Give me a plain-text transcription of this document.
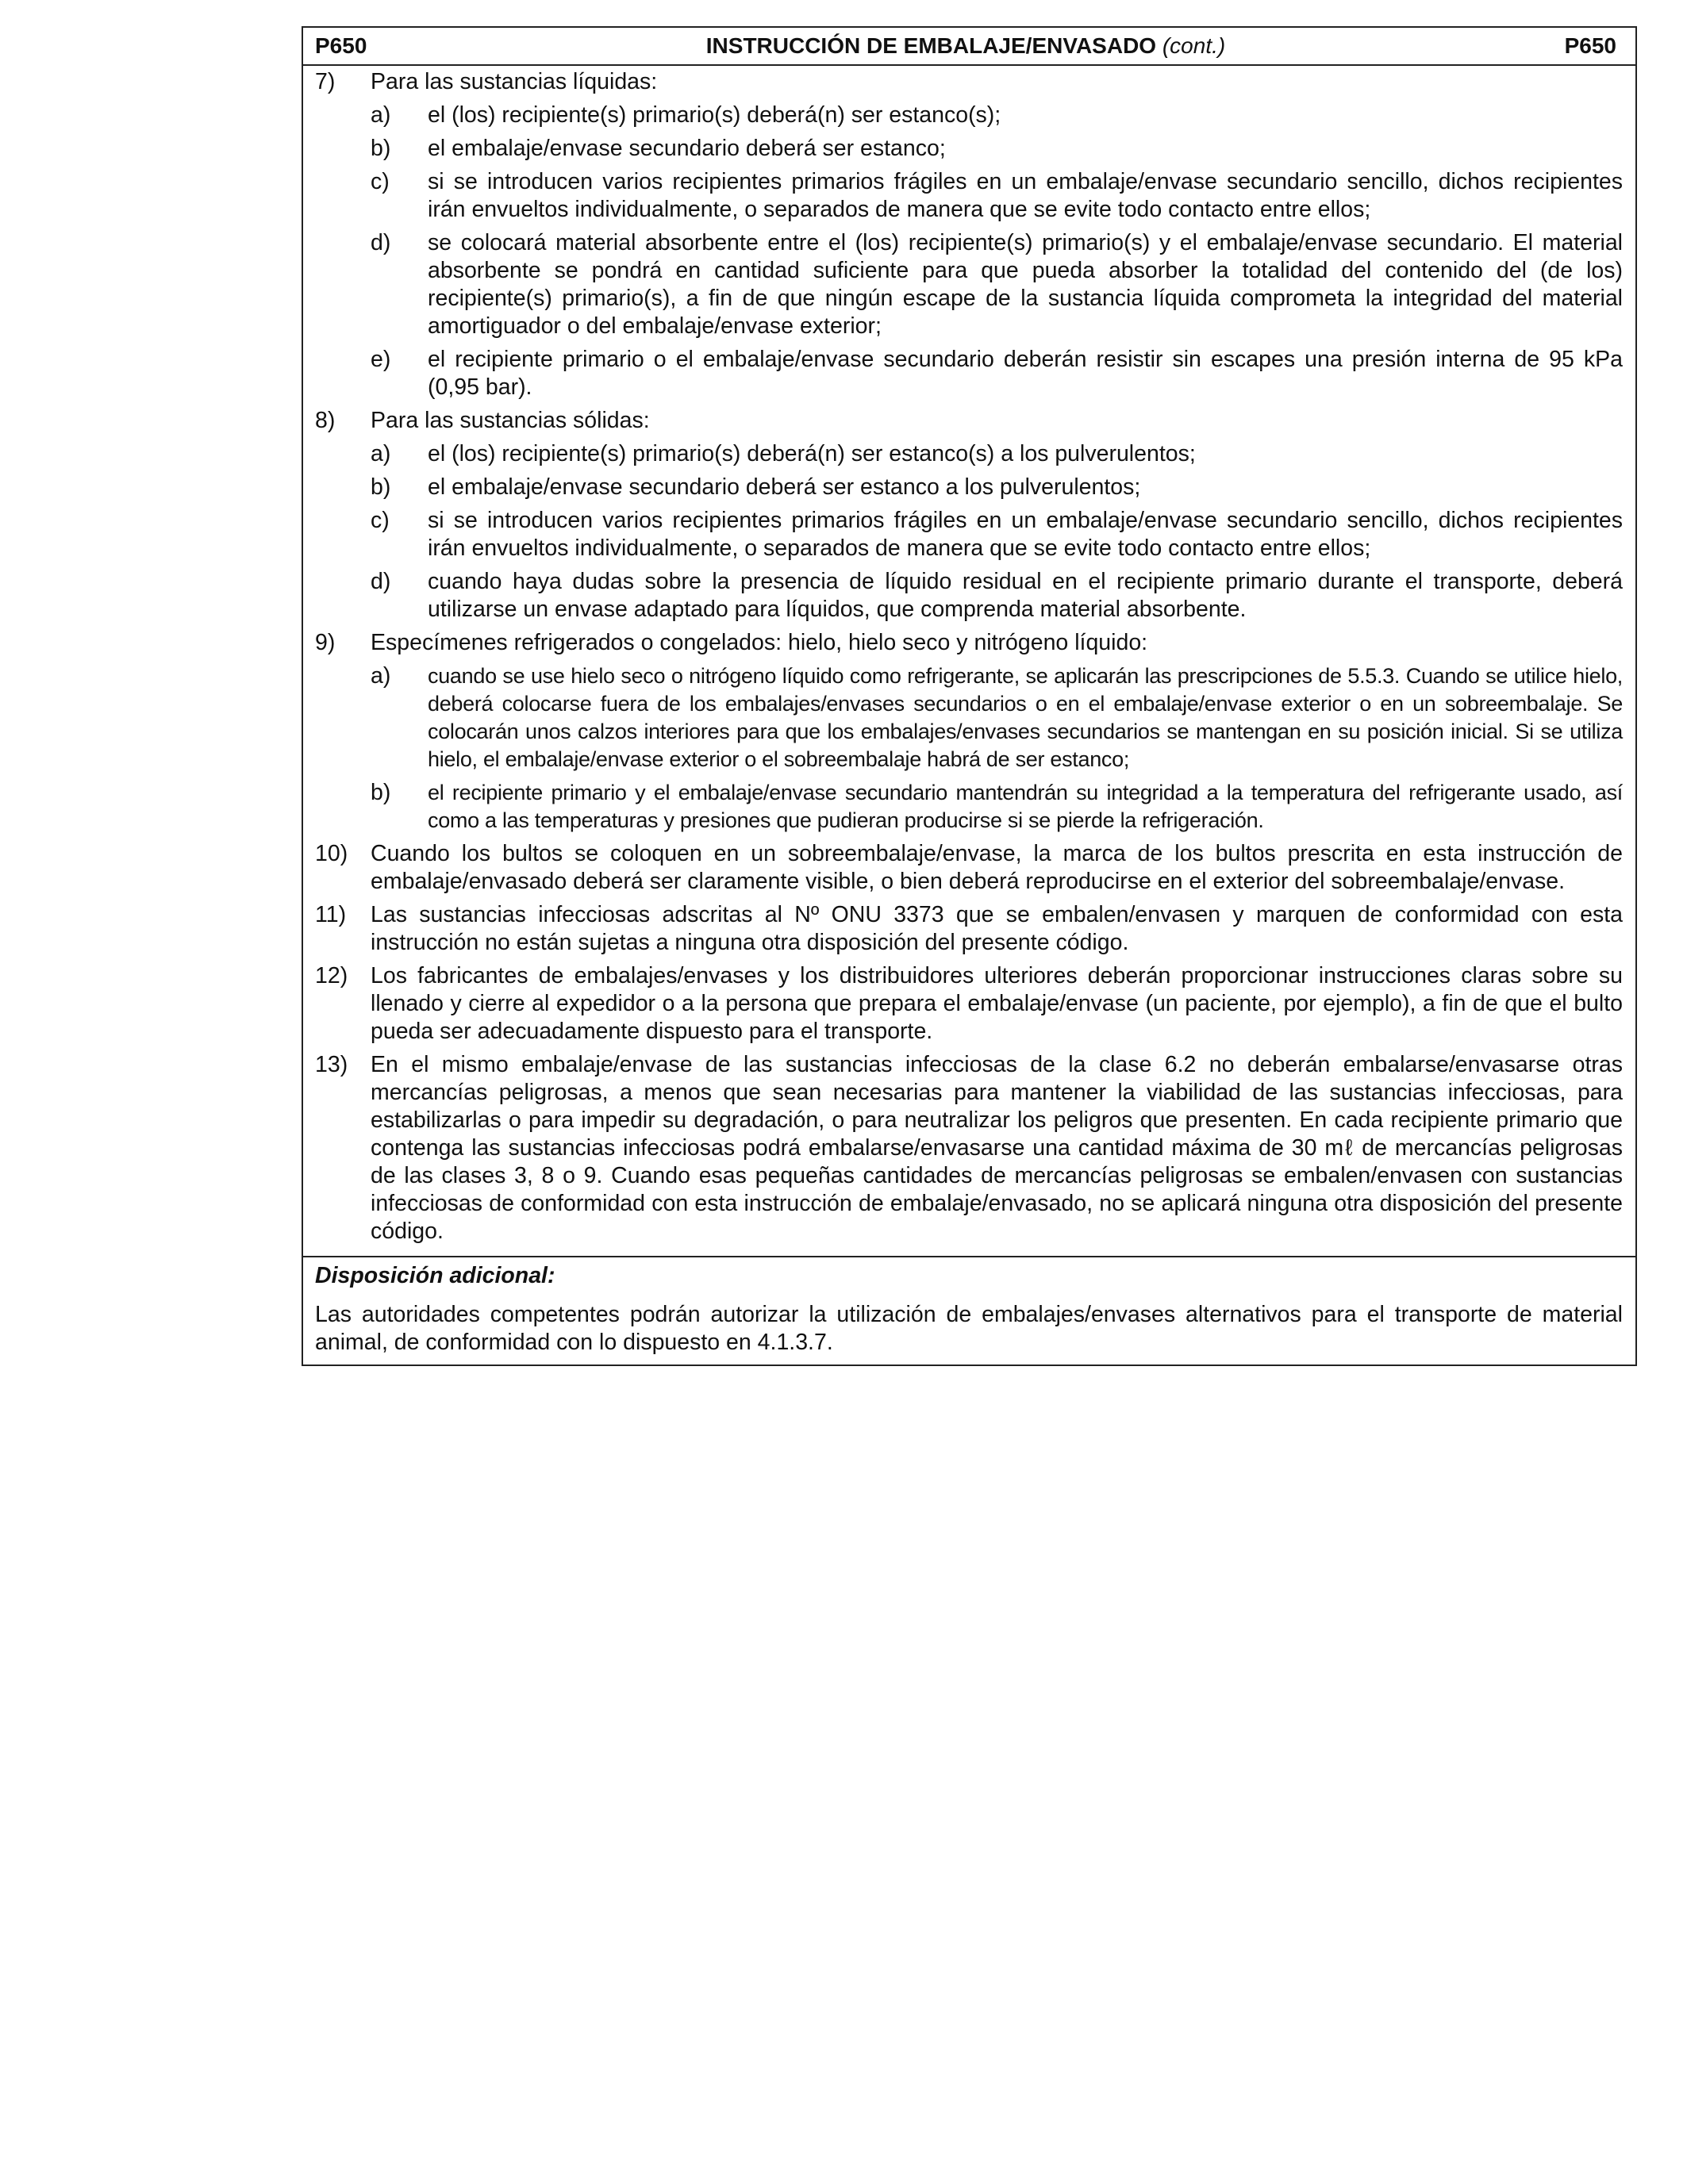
P650	INSTRUCCIÓN DE EMBALAJE/ENVASADO (cont.)	P650
7)	Para las sustancias líquidas:
a)	el (los) recipiente(s) primario(s) deberá(n) ser estanco(s);
b)	el embalaje/envase secundario deberá ser estanco;
c)	si se introducen varios recipientes primarios frágiles en un embalaje/envase secundario sencillo, dichos recipientes irán envueltos individualmente, o separados de manera que se evite todo contacto entre ellos;
d)	se colocará material absorbente entre el (los) recipiente(s) primario(s) y el embalaje/envase secundario. El material absorbente se pondrá en cantidad suficiente para que pueda absorber la totalidad del contenido del (de los) recipiente(s) primario(s), a fin de que ningún escape de la sustancia líquida comprometa la integridad del material amortiguador o del embalaje/envase exterior;
e)	el recipiente primario o el embalaje/envase secundario deberán resistir sin escapes una presión interna de 95 kPa (0,95 bar).
8)	Para las sustancias sólidas:
a)	el (los) recipiente(s) primario(s) deberá(n) ser estanco(s) a los pulverulentos;
b)	el embalaje/envase secundario deberá ser estanco a los pulverulentos;
c)	si se introducen varios recipientes primarios frágiles en un embalaje/envase secundario sencillo, dichos recipientes irán envueltos individualmente, o separados de manera que se evite todo contacto entre ellos;
d)	cuando haya dudas sobre la presencia de líquido residual en el recipiente primario durante el transporte, deberá utilizarse un envase adaptado para líquidos, que comprenda material absorbente.
9)	Especímenes refrigerados o congelados: hielo, hielo seco y nitrógeno líquido:
a)	cuando se use hielo seco o nitrógeno líquido como refrigerante, se aplicarán las prescripciones de 5.5.3. Cuando se utilice hielo, deberá colocarse fuera de los embalajes/envases secundarios o en el embalaje/envase exterior o en un sobreembalaje. Se colocarán unos calzos interiores para que los embalajes/envases secundarios se mantengan en su posición inicial. Si se utiliza hielo, el embalaje/envase exterior o el sobreembalaje habrá de ser estanco;
b)	el recipiente primario y el embalaje/envase secundario mantendrán su integridad a la temperatura del refrigerante usado, así como a las temperaturas y presiones que pudieran producirse si se pierde la refrigeración.
10)	Cuando los bultos se coloquen en un sobreembalaje/envase, la marca de los bultos prescrita en esta instrucción de embalaje/envasado deberá ser claramente visible, o bien deberá reproducirse en el exterior del sobreembalaje/envase.
11)	Las sustancias infecciosas adscritas al Nº ONU 3373 que se embalen/envasen y marquen de conformidad con esta instrucción no están sujetas a ninguna otra disposición del presente código.
12)	Los fabricantes de embalajes/envases y los distribuidores ulteriores deberán proporcionar instrucciones claras sobre su llenado y cierre al expedidor o a la persona que prepara el embalaje/envase (un paciente, por ejemplo), a fin de que el bulto pueda ser adecuadamente dispuesto para el transporte.
13)	En el mismo embalaje/envase de las sustancias infecciosas de la clase 6.2 no deberán embalarse/envasarse otras mercancías peligrosas, a menos que sean necesarias para mantener la viabilidad de las sustancias infecciosas, para estabilizarlas o para impedir su degradación, o para neutralizar los peligros que presenten. En cada recipiente primario que contenga las sustancias infecciosas podrá embalarse/envasarse una cantidad máxima de 30 mℓ de mercancías peligrosas de las clases 3, 8 o 9. Cuando esas pequeñas cantidades de mercancías peligrosas se embalen/envasen con sustancias infecciosas de conformidad con esta instrucción de embalaje/envasado, no se aplicará ninguna otra disposición del presente código.
Disposición adicional:
Las autoridades competentes podrán autorizar la utilización de embalajes/envases alternativos para el transporte de material animal, de conformidad con lo dispuesto en 4.1.3.7.
